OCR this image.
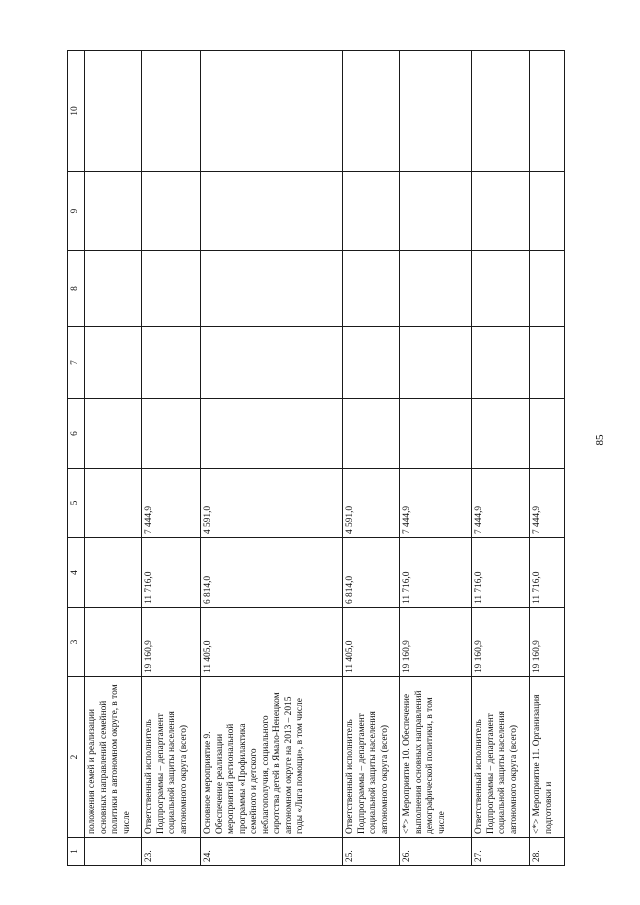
85
1	2	3	4	5	6	7	8	9	10
	положения семей и реализации основных направлений семейной политики в автономном округе, в том числе								
23.	Ответственный исполнитель Подпрограммы – департамент социальной защиты населения автономного округа (всего)	19 160,9	11 716,0	7 444,9					
24.	Основное мероприятие 9. Обеспечение реализации мероприятий региональной программы «Профилактика семейного и детского неблагополучия, социального сиротства детей в Ямало-Ненецком автономном округе на 2013 – 2015 годы «Лига помощи», в том числе	11 405,0	6 814,0	4 591,0					
25.	Ответственный исполнитель Подпрограммы – департамент социальной защиты населения автономного округа (всего)	11 405,0	6 814,0	4 591,0					
26.	<*> Мероприятие 10. Обеспечение выполнения основных направлений демографической политики, в том числе	19 160,9	11 716,0	7 444,9					
27.	Ответственный исполнитель Подпрограммы – департамент социальной защиты населения автономного округа (всего)	19 160,9	11 716,0	7 444,9					
28.	<*> Мероприятие 11. Организация подготовки и	19 160,9	11 716,0	7 444,9					
